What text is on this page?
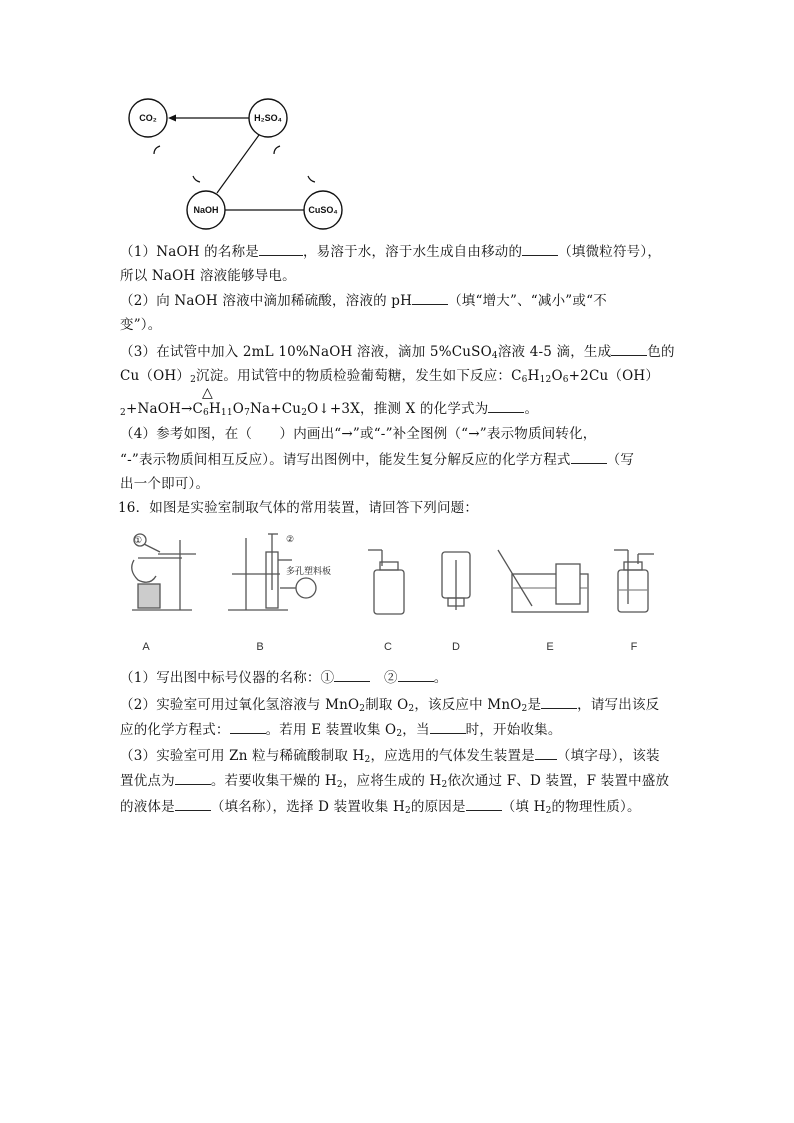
CO₂	H₂SO₄
NaOH	CuSO₄
（1）NaOH 的名称是	，易溶于水，溶于水生成自由移动的	（填微粒符号），
所以 NaOH 溶液能够导电。
（2）向 NaOH 溶液中滴加稀硫酸，溶液的 pH	（填“增大”、“减小”或“不
变”）。
（3）在试管中加入 2mL 10%NaOH 溶液，滴加 5%CuSO$_4$溶液 4-5 滴，生成	色的
$Cu(OH)_2$沉淀。用试管中的物质检验葡萄糖，发生如下反应：$C_6H_{12}O_6+2Cu(OH)$
△
$_2+NaOH\to C_6H_{11}O_7Na+Cu_2O↓+3X$，推测 X 的化学式为	。
（4）参考如图，在（　　）内画出“→”或“-”补全图例（“→”表示物质间转化，
“-”表示物质间相互反应）。请写出图例中，能发生复分解反应的化学方程式	（写
出一个即可）。
16．如图是实验室制取气体的常用装置，请回答下列问题：
①
A
②
多孔塑料板
B	C	D	E	F
（1）写出图中标号仪器的名称：①　	②	。
（2）实验室可用过氧化氢溶液与 MnO$_2$制取 $O_2$，该反应中 MnO$_2$是	，请写出该反
应的化学方程式：	。若用 E 装置收集 $O_2$，当	时，开始收集。
（3）实验室可用 Zn 粒与稀硫酸制取 $H_2$，应选用的气体发生装置是 （填字母），该装
置优点为	。若要收集干燥的 $H_2$，应将生成的 $H_2$依次通过 F、D 装置，F 装置中盛放
的液体是	（填名称），选择 D 装置收集 $H_2$的原因是	（填 $H_2$的物理性质）。
